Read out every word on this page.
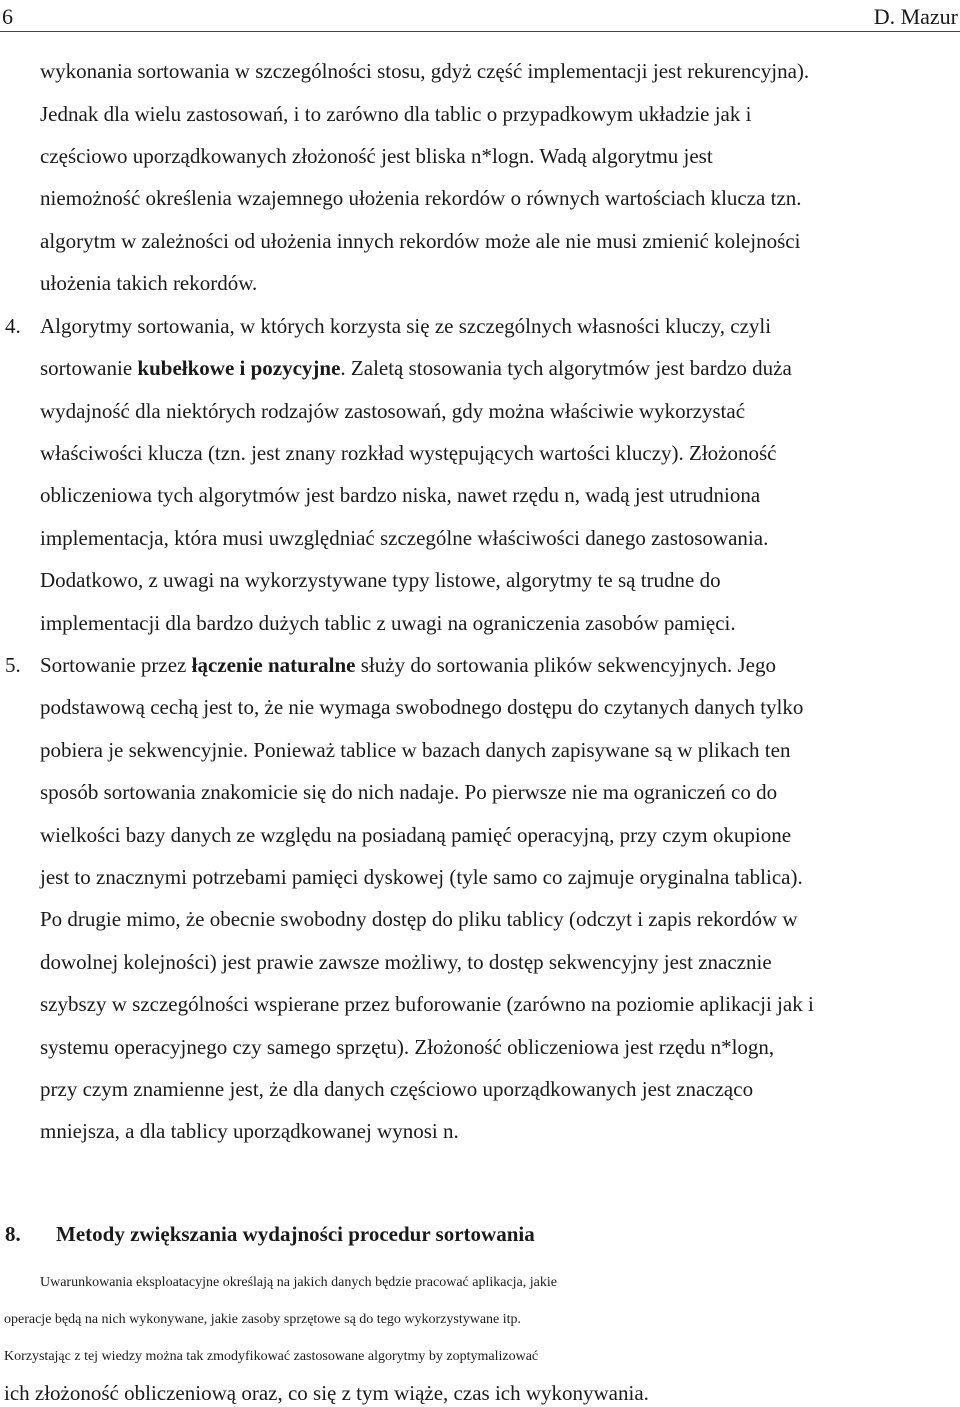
6	D. Mazur
wykonania sortowania w szczególności stosu, gdyż część implementacji jest rekurencyjna).
Jednak dla wielu zastosowań, i to zarówno dla tablic o przypadkowym układzie jak i
częściowo uporządkowanych złożoność jest bliska n*logn. Wadą algorytmu jest
niemożność określenia wzajemnego ułożenia rekordów o równych wartościach klucza tzn.
algorytm w zależności od ułożenia innych rekordów może ale nie musi zmienić kolejności
ułożenia takich rekordów.
4. Algorytmy sortowania, w których korzysta się ze szczególnych własności kluczy, czyli
sortowanie kubełkowe i pozycyjne. Zaletą stosowania tych algorytmów jest bardzo duża
wydajność dla niektórych rodzajów zastosowań, gdy można właściwie wykorzystać
właściwości klucza (tzn. jest znany rozkład występujących wartości kluczy). Złożoność
obliczeniowa tych algorytmów jest bardzo niska, nawet rzędu n, wadą jest utrudniona
implementacja, która musi uwzględniać szczególne właściwości danego zastosowania.
Dodatkowo, z uwagi na wykorzystywane typy listowe, algorytmy te są trudne do
implementacji dla bardzo dużych tablic z uwagi na ograniczenia zasobów pamięci.
5. Sortowanie przez łączenie naturalne służy do sortowania plików sekwencyjnych. Jego
podstawową cechą jest to, że nie wymaga swobodnego dostępu do czytanych danych tylko
pobiera je sekwencyjnie. Ponieważ tablice w bazach danych zapisywane są w plikach ten
sposób sortowania znakomicie się do nich nadaje. Po pierwsze nie ma ograniczeń co do
wielkości bazy danych ze względu na posiadaną pamięć operacyjną, przy czym okupione
jest to znacznymi potrzebami pamięci dyskowej (tyle samo co zajmuje oryginalna tablica).
Po drugie mimo, że obecnie swobodny dostęp do pliku tablicy (odczyt i zapis rekordów w
dowolnej kolejności) jest prawie zawsze możliwy, to dostęp sekwencyjny jest znacznie
szybszy w szczególności wspierane przez buforowanie (zarówno na poziomie aplikacji jak i
systemu operacyjnego czy samego sprzętu). Złożoność obliczeniowa jest rzędu n*logn,
przy czym znamienne jest, że dla danych częściowo uporządkowanych jest znacząco
mniejsza, a dla tablicy uporządkowanej wynosi n.
8. Metody zwiększania wydajności procedur sortowania
Uwarunkowania eksploatacyjne określają na jakich danych będzie pracować aplikacja, jakie
operacje będą na nich wykonywane, jakie zasoby sprzętowe są do tego wykorzystywane itp.
Korzystając z tej wiedzy można tak zmodyfikować zastosowane algorytmy by zoptymalizować
ich złożoność obliczeniową oraz, co się z tym wiąże, czas ich wykonywania.
